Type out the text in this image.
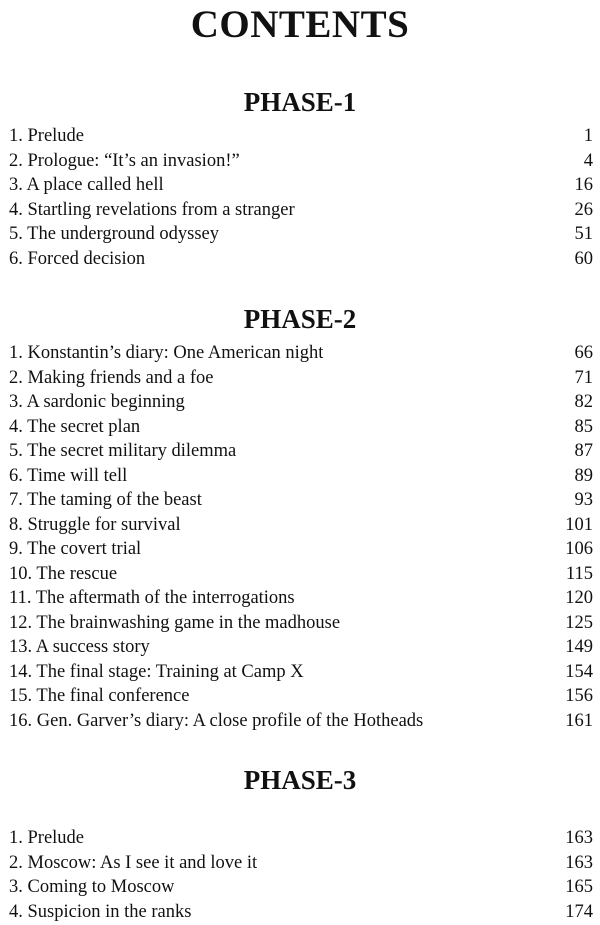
CONTENTS
PHASE-1
1. Prelude	1
2. Prologue: “It’s an invasion!”	4
3. A place called hell	16
4. Startling revelations from a stranger	26
5. The underground odyssey	51
6. Forced decision	60
PHASE-2
1. Konstantin’s diary: One American night	66
2. Making friends and a foe	71
3. A sardonic beginning	82
4. The secret plan	85
5. The secret military dilemma	87
6. Time will tell	89
7. The taming of the beast	93
8. Struggle for survival	101
9. The covert trial	106
10. The rescue	115
11. The aftermath of the interrogations	120
12. The brainwashing game in the madhouse	125
13. A success story	149
14. The final stage: Training at Camp X	154
15. The final conference	156
16. Gen. Garver’s diary: A close profile of the Hotheads	161
PHASE-3
1. Prelude	163
2. Moscow: As I see it and love it	163
3. Coming to Moscow	165
4. Suspicion in the ranks	174
